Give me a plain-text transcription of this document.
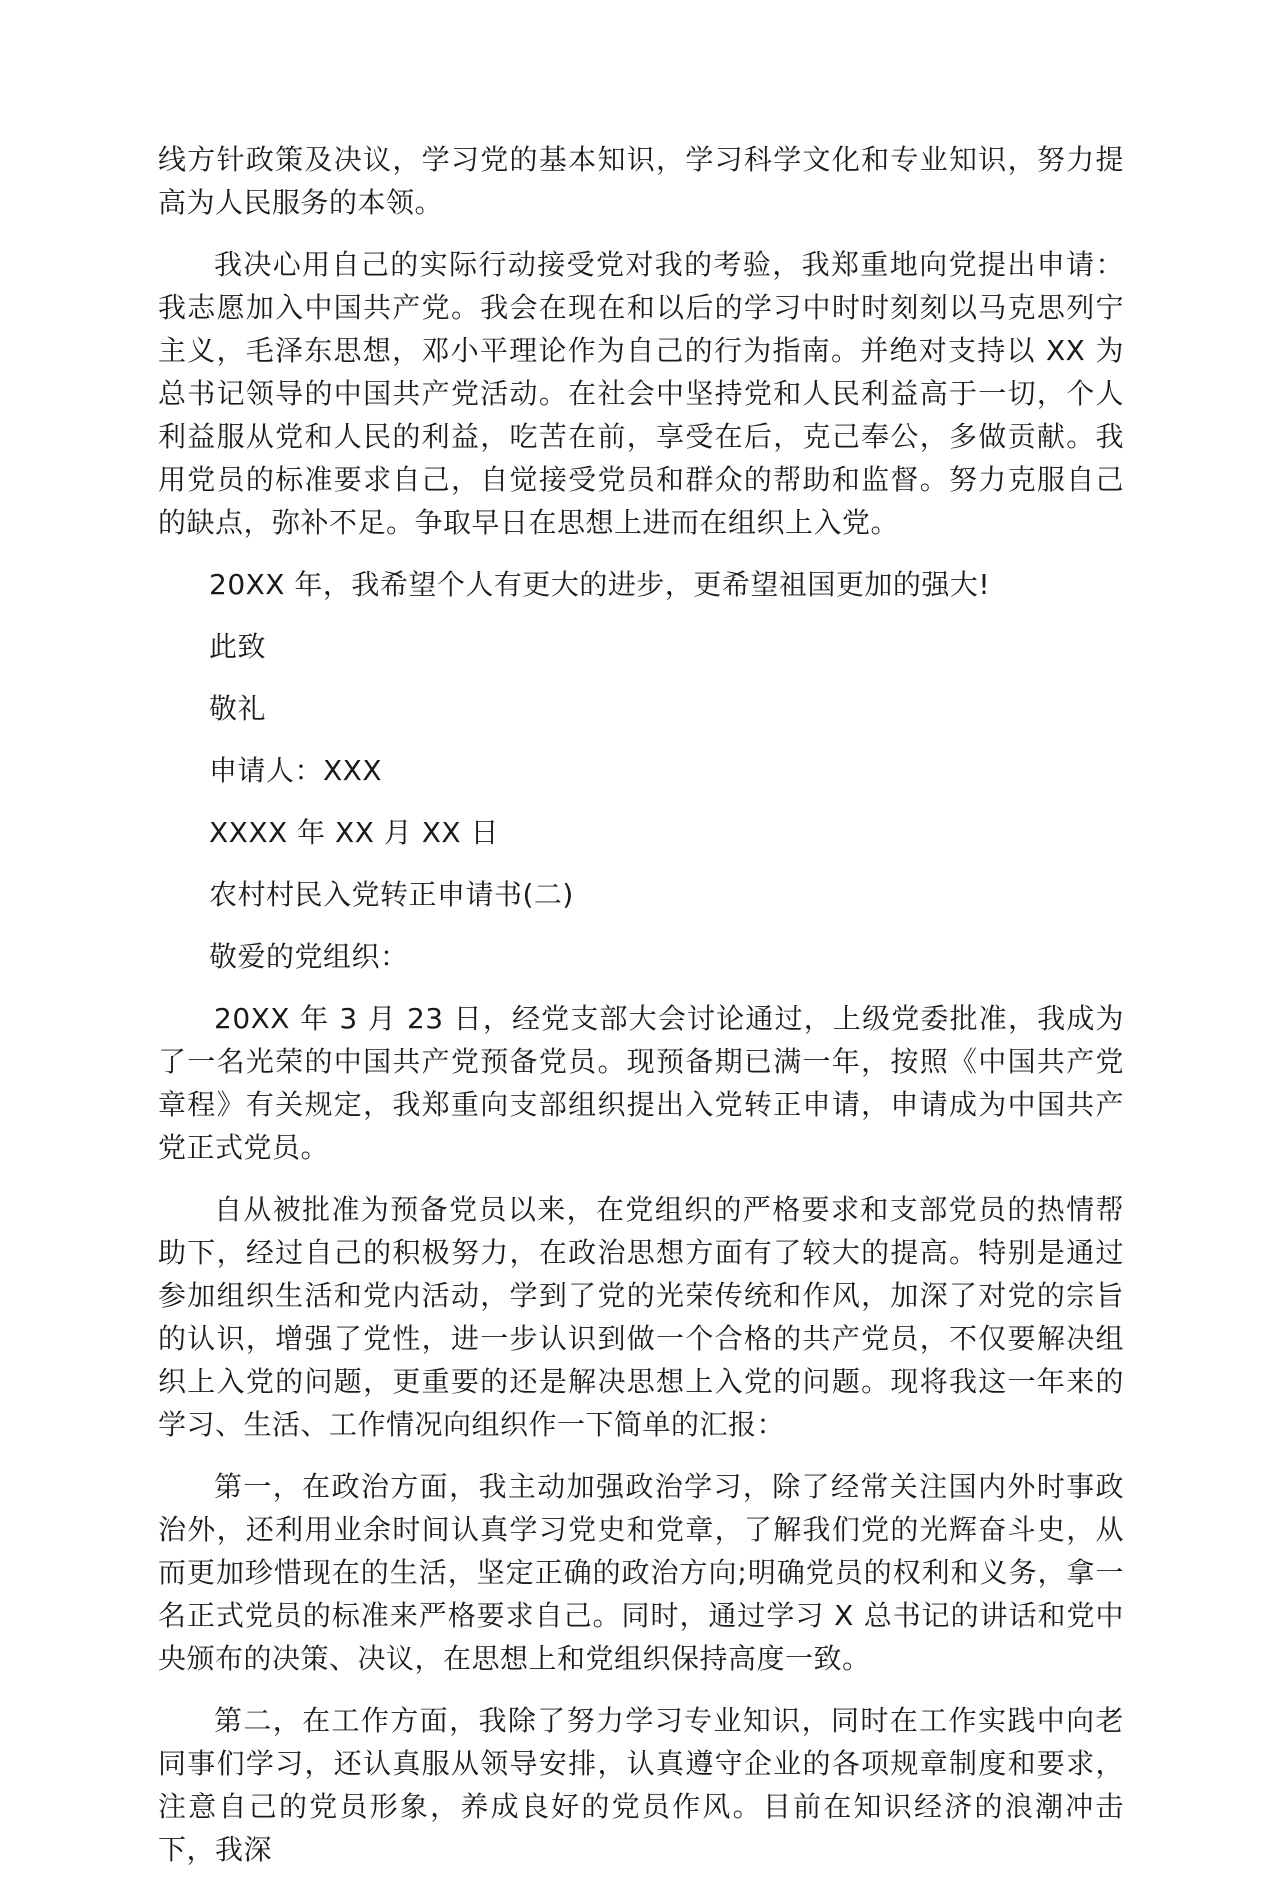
线方针政策及决议，学习党的基本知识，学习科学文化和专业知识，努力提高为人民服务的本领。

我决心用自己的实际行动接受党对我的考验，我郑重地向党提出申请：我志愿加入中国共产党。我会在现在和以后的学习中时时刻刻以马克思列宁主义，毛泽东思想，邓小平理论作为自己的行为指南。并绝对支持以 XX 为总书记领导的中国共产党活动。在社会中坚持党和人民利益高于一切，个人利益服从党和人民的利益，吃苦在前，享受在后，克己奉公，多做贡献。我用党员的标准要求自己，自觉接受党员和群众的帮助和监督。努力克服自己的缺点，弥补不足。争取早日在思想上进而在组织上入党。

20XX 年，我希望个人有更大的进步，更希望祖国更加的强大!

此致

敬礼

申请人：XXX

XXXX 年 XX 月 XX 日

农村村民入党转正申请书(二)

敬爱的党组织：

20XX 年 3 月 23 日，经党支部大会讨论通过，上级党委批准，我成为了一名光荣的中国共产党预备党员。现预备期已满一年，按照《中国共产党章程》有关规定，我郑重向支部组织提出入党转正申请，申请成为中国共产党正式党员。

自从被批准为预备党员以来，在党组织的严格要求和支部党员的热情帮助下，经过自己的积极努力，在政治思想方面有了较大的提高。特别是通过参加组织生活和党内活动，学到了党的光荣传统和作风，加深了对党的宗旨的认识，增强了党性，进一步认识到做一个合格的共产党员，不仅要解决组织上入党的问题，更重要的还是解决思想上入党的问题。现将我这一年来的学习、生活、工作情况向组织作一下简单的汇报：

第一，在政治方面，我主动加强政治学习，除了经常关注国内外时事政治外，还利用业余时间认真学习党史和党章，了解我们党的光辉奋斗史，从而更加珍惜现在的生活，坚定正确的政治方向;明确党员的权利和义务，拿一名正式党员的标准来严格要求自己。同时，通过学习 X 总书记的讲话和党中央颁布的决策、决议，在思想上和党组织保持高度一致。

第二，在工作方面，我除了努力学习专业知识，同时在工作实践中向老同事们学习，还认真服从领导安排，认真遵守企业的各项规章制度和要求，注意自己的党员形象，养成良好的党员作风。目前在知识经济的浪潮冲击下，我深
